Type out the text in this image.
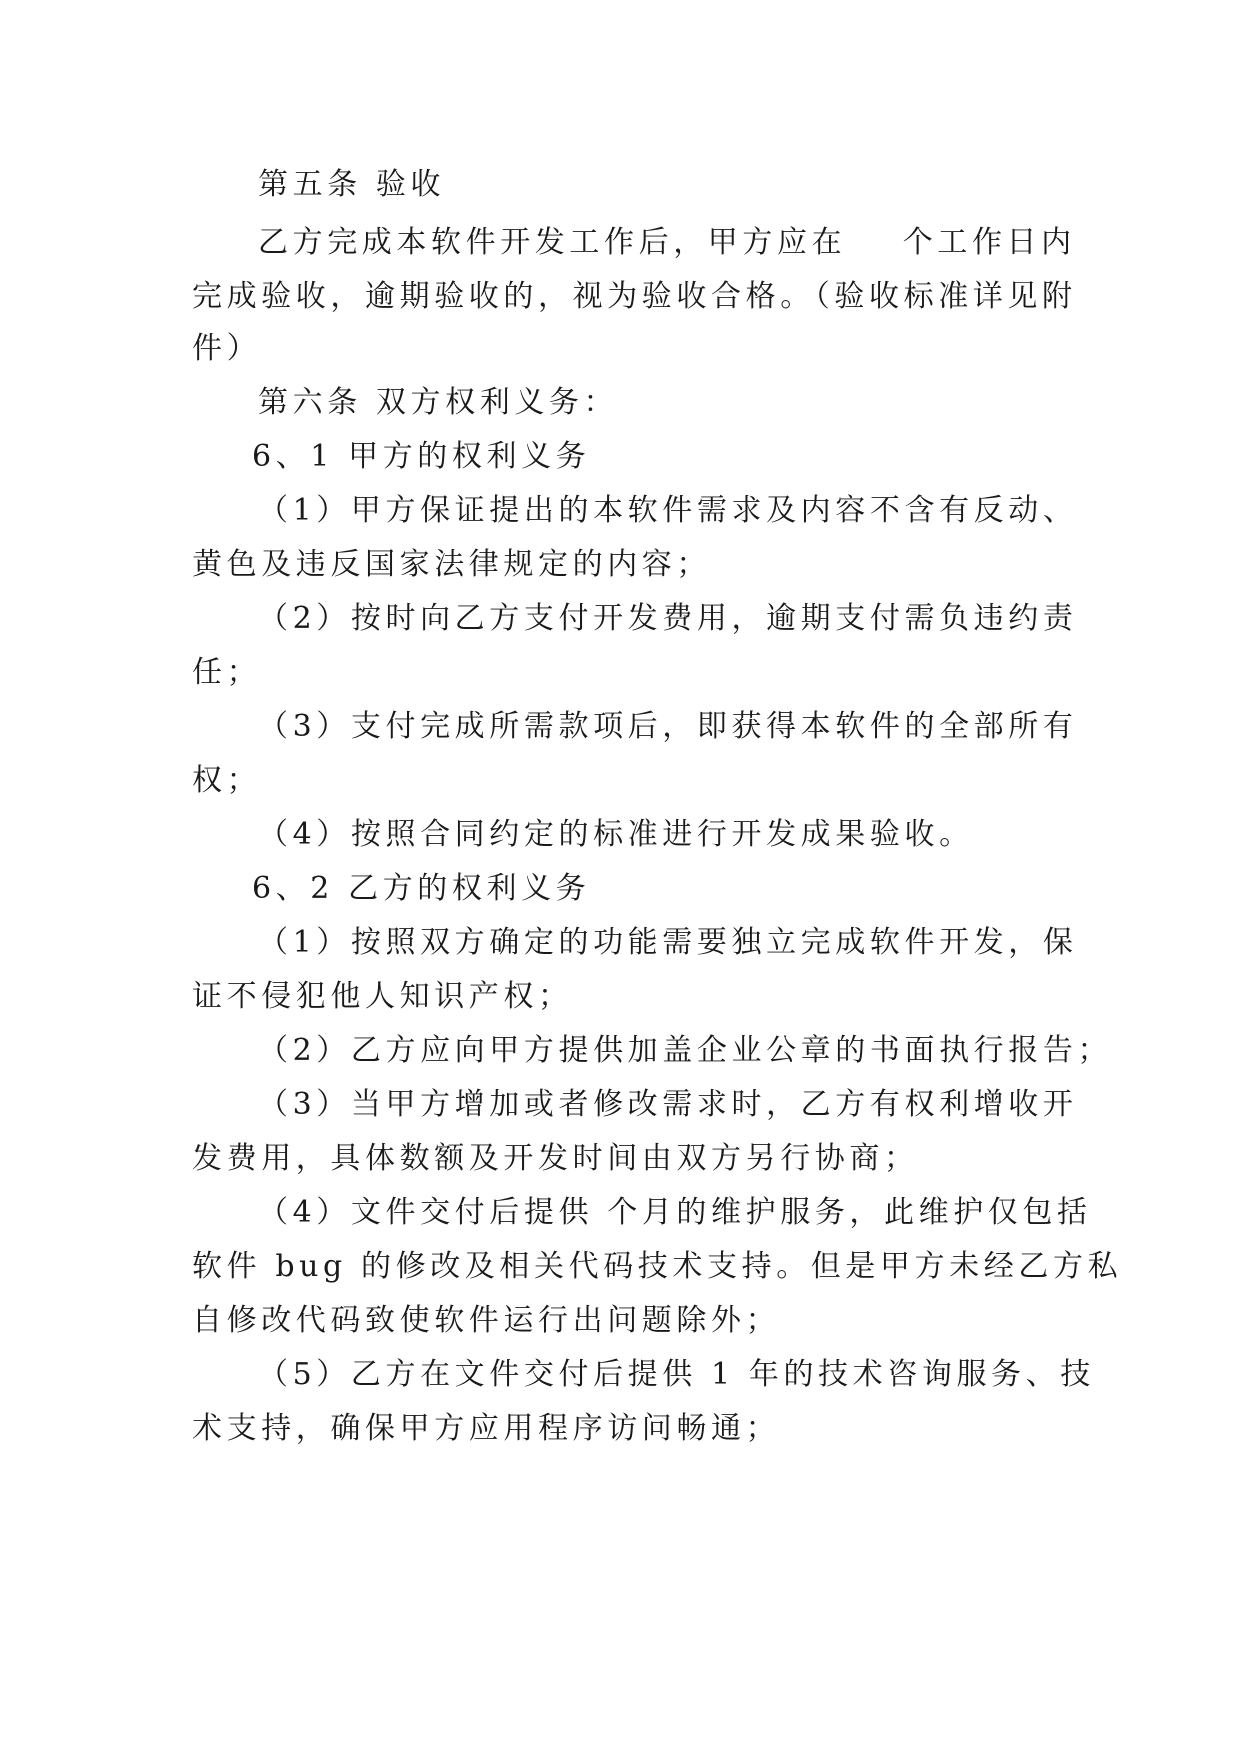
第五条 验收
乙方完成本软件开发工作后，甲方应在    个工作日内
完成验收，逾期验收的，视为验收合格。（验收标准详见附
件）
第六条 双方权利义务：
6、1 甲方的权利义务
（1）甲方保证提出的本软件需求及内容不含有反动、
黄色及违反国家法律规定的内容；
（2）按时向乙方支付开发费用，逾期支付需负违约责
任；
（3）支付完成所需款项后，即获得本软件的全部所有
权；
（4）按照合同约定的标准进行开发成果验收。
6、2 乙方的权利义务
（1）按照双方确定的功能需要独立完成软件开发，保
证不侵犯他人知识产权；
（2）乙方应向甲方提供加盖企业公章的书面执行报告；
（3）当甲方增加或者修改需求时，乙方有权利增收开
发费用，具体数额及开发时间由双方另行协商；
（4）文件交付后提供 个月的维护服务，此维护仅包括
软件 bug 的修改及相关代码技术支持。但是甲方未经乙方私
自修改代码致使软件运行出问题除外；
（5）乙方在文件交付后提供 1 年的技术咨询服务、技
术支持，确保甲方应用程序访问畅通；
